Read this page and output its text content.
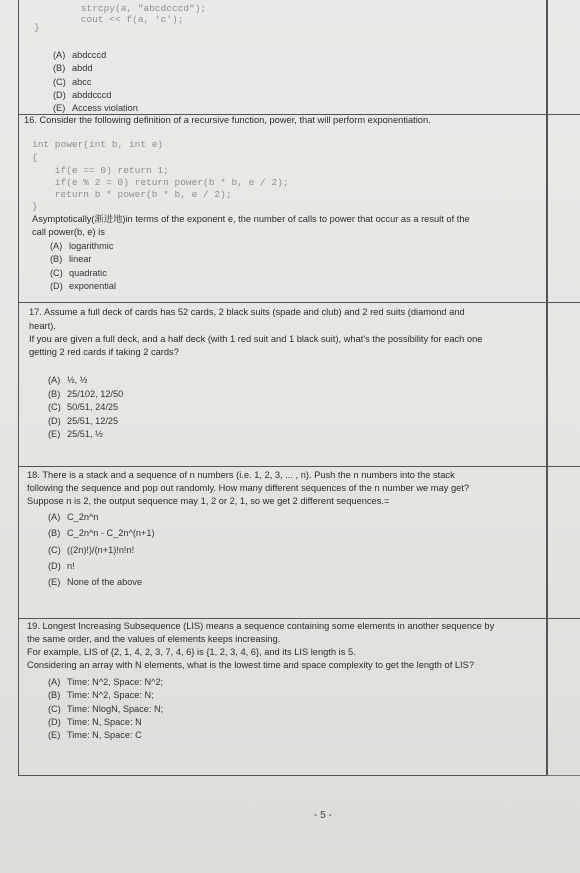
strcpy(a, "abcdcccd");
cout << f(a, 'c');
}
(A) abdcccd
(B) abdd
(C) abcc
(D) abddcccd
(E) Access violation
16. Consider the following definition of a recursive function, power, that will perform exponentiation.
int power(int b, int e)
{
if(e == 0) return 1;
if(e % 2 = 0) return power(b * b, e / 2);
return b * power(b * b, e / 2);
}
Asymptotically(渐进地)in terms of the exponent e, the number of calls to power that occur as a result of the
call power(b, e) is
(A) logarithmic
(B) linear
(C) quadratic
(D) exponential
17. Assume a full deck of cards has 52 cards, 2 black suits (spade and club) and 2 red suits (diamond and
heart).
If you are given a full deck, and a half deck (with 1 red suit and 1 black suit), what's the possibility for each one
getting 2 red cards if taking 2 cards?
(A) ½, ½
(B) 25/102, 12/50
(C) 50/51, 24/25
(D) 25/51, 12/25
(E) 25/51, ½
18. There is a stack and a sequence of n numbers (i.e. 1, 2, 3, ... , n). Push the n numbers into the stack
following the sequence and pop out randomly. How many different sequences of the n number we may get?
Suppose n is 2, the output sequence may 1, 2 or 2, 1, so we get 2 different sequences.=
(A) C_2n^n
(B) C_2n^n - C_2n^(n+1)
(C) ((2n)!)/(n+1)!n!n!
(D) n!
(E) None of the above
19. Longest Increasing Subsequence (LIS) means a sequence containing some elements in another sequence by
the same order, and the values of elements keeps increasing.
For example, LIS of {2, 1, 4, 2, 3, 7, 4, 6} is {1, 2, 3, 4, 6}, and its LIS length is 5.
Considering an array with N elements, what is the lowest time and space complexity to get the length of LIS?
(A) Time: N^2, Space: N^2;
(B) Time: N^2, Space: N;
(C) Time: NlogN, Space: N;
(D) Time: N, Space: N
(E) Time: N, Space: C
- 5 -
